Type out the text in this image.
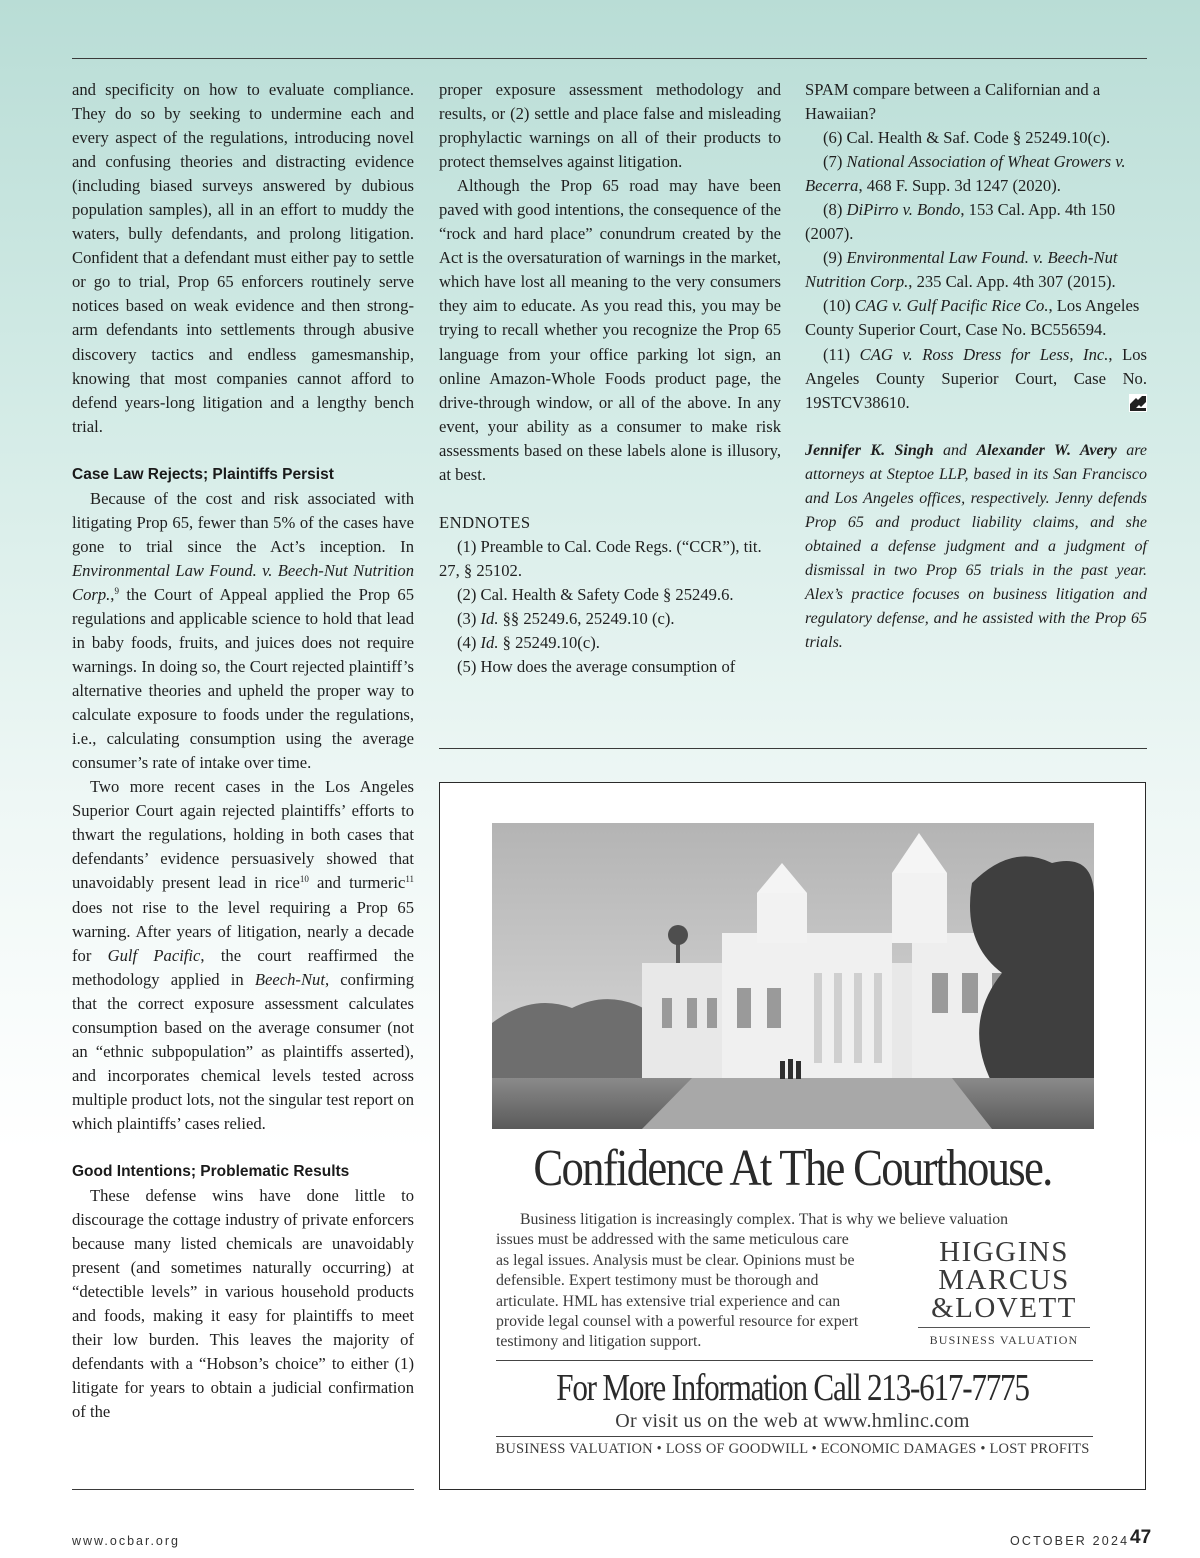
and specificity on how to evaluate compliance. They do so by seeking to undermine each and every aspect of the regulations, introducing novel and confusing theories and distracting evidence (including biased surveys answered by dubious population samples), all in an effort to muddy the waters, bully defendants, and prolong litigation. Confident that a defendant must either pay to settle or go to trial, Prop 65 enforcers routinely serve notices based on weak evidence and then strong-arm defendants into settlements through abusive discovery tactics and endless gamesmanship, knowing that most companies cannot afford to defend years-long litigation and a lengthy bench trial.

Case Law Rejects; Plaintiffs Persist

Because of the cost and risk associated with litigating Prop 65, fewer than 5% of the cases have gone to trial since the Act’s inception. In Environmental Law Found. v. Beech-Nut Nutrition Corp.,$^9$ the Court of Appeal applied the Prop 65 regulations and applicable science to hold that lead in baby foods, fruits, and juices does not require warnings. In doing so, the Court rejected plaintiff’s alternative theories and upheld the proper way to calculate exposure to foods under the regulations, i.e., calculating consumption using the average consumer’s rate of intake over time.

Two more recent cases in the Los Angeles Superior Court again rejected plaintiffs’ efforts to thwart the regulations, holding in both cases that defendants’ evidence persuasively showed that unavoidably present lead in rice$^{10}$ and turmeric$^{11}$ does not rise to the level requiring a Prop 65 warning. After years of litigation, nearly a decade for Gulf Pacific, the court reaffirmed the methodology applied in Beech-Nut, confirming that the correct exposure assessment calculates consumption based on the average consumer (not an “ethnic subpopulation” as plaintiffs asserted), and incorporates chemical levels tested across multiple product lots, not the singular test report on which plaintiffs’ cases relied.

Good Intentions; Problematic Results

These defense wins have done little to discourage the cottage industry of private enforcers because many listed chemicals are unavoidably present (and sometimes naturally occurring) at “detectible levels” in various household products and foods, making it easy for plaintiffs to meet their low burden. This leaves the majority of defendants with a “Hobson’s choice” to either (1) litigate for years to obtain a judicial confirmation of the

proper exposure assessment methodology and results, or (2) settle and place false and misleading prophylactic warnings on all of their products to protect themselves against litigation.

Although the Prop 65 road may have been paved with good intentions, the consequence of the “rock and hard place” conundrum created by the Act is the oversaturation of warnings in the market, which have lost all meaning to the very consumers they aim to educate. As you read this, you may be trying to recall whether you recognize the Prop 65 language from your office parking lot sign, an online Amazon-Whole Foods product page, the drive-through window, or all of the above. In any event, your ability as a consumer to make risk assessments based on these labels alone is illusory, at best.

ENDNOTES

(1) Preamble to Cal. Code Regs. (“CCR”), tit. 27, § 25102.

(2) Cal. Health & Safety Code § 25249.6.

(3) Id. §§ 25249.6, 25249.10 (c).

(4) Id. § 25249.10(c).

(5) How does the average consumption of

SPAM compare between a Californian and a Hawaiian?

(6) Cal. Health & Saf. Code § 25249.10(c).

(7) National Association of Wheat Growers v. Becerra, 468 F. Supp. 3d 1247 (2020).

(8) DiPirro v. Bondo, 153 Cal. App. 4th 150 (2007).

(9) Environmental Law Found. v. Beech-Nut Nutrition Corp., 235 Cal. App. 4th 307 (2015).

(10) CAG v. Gulf Pacific Rice Co., Los Angeles County Superior Court, Case No. BC556594.

(11) CAG v. Ross Dress for Less, Inc., Los Angeles County Superior Court, Case No. 19STCV38610.

Jennifer K. Singh and Alexander W. Avery are attorneys at Steptoe LLP, based in its San Francisco and Los Angeles offices, respectively. Jenny defends Prop 65 and product liability claims, and she obtained a defense judgment and a judgment of dismissal in two Prop 65 trials in the past year. Alex’s practice focuses on business litigation and regulatory defense, and he assisted with the Prop 65 trials.

Confidence At The Courthouse.
Business litigation is increasingly complex. That is why we believe valuation
issues must be addressed with the same meticulous care
as legal issues. Analysis must be clear. Opinions must be
defensible. Expert testimony must be thorough and
articulate. HML has extensive trial experience and can
provide legal counsel with a powerful resource for expert
testimony and litigation support.
HIGGINS
MARCUS
&LOVETT
BUSINESS VALUATION
For More Information Call 213-617-7775
Or visit us on the web at www.hmlinc.com
BUSINESS VALUATION • LOSS OF GOODWILL • ECONOMIC DAMAGES • LOST PROFITS
www.ocbar.org	OCTOBER 2024 47
